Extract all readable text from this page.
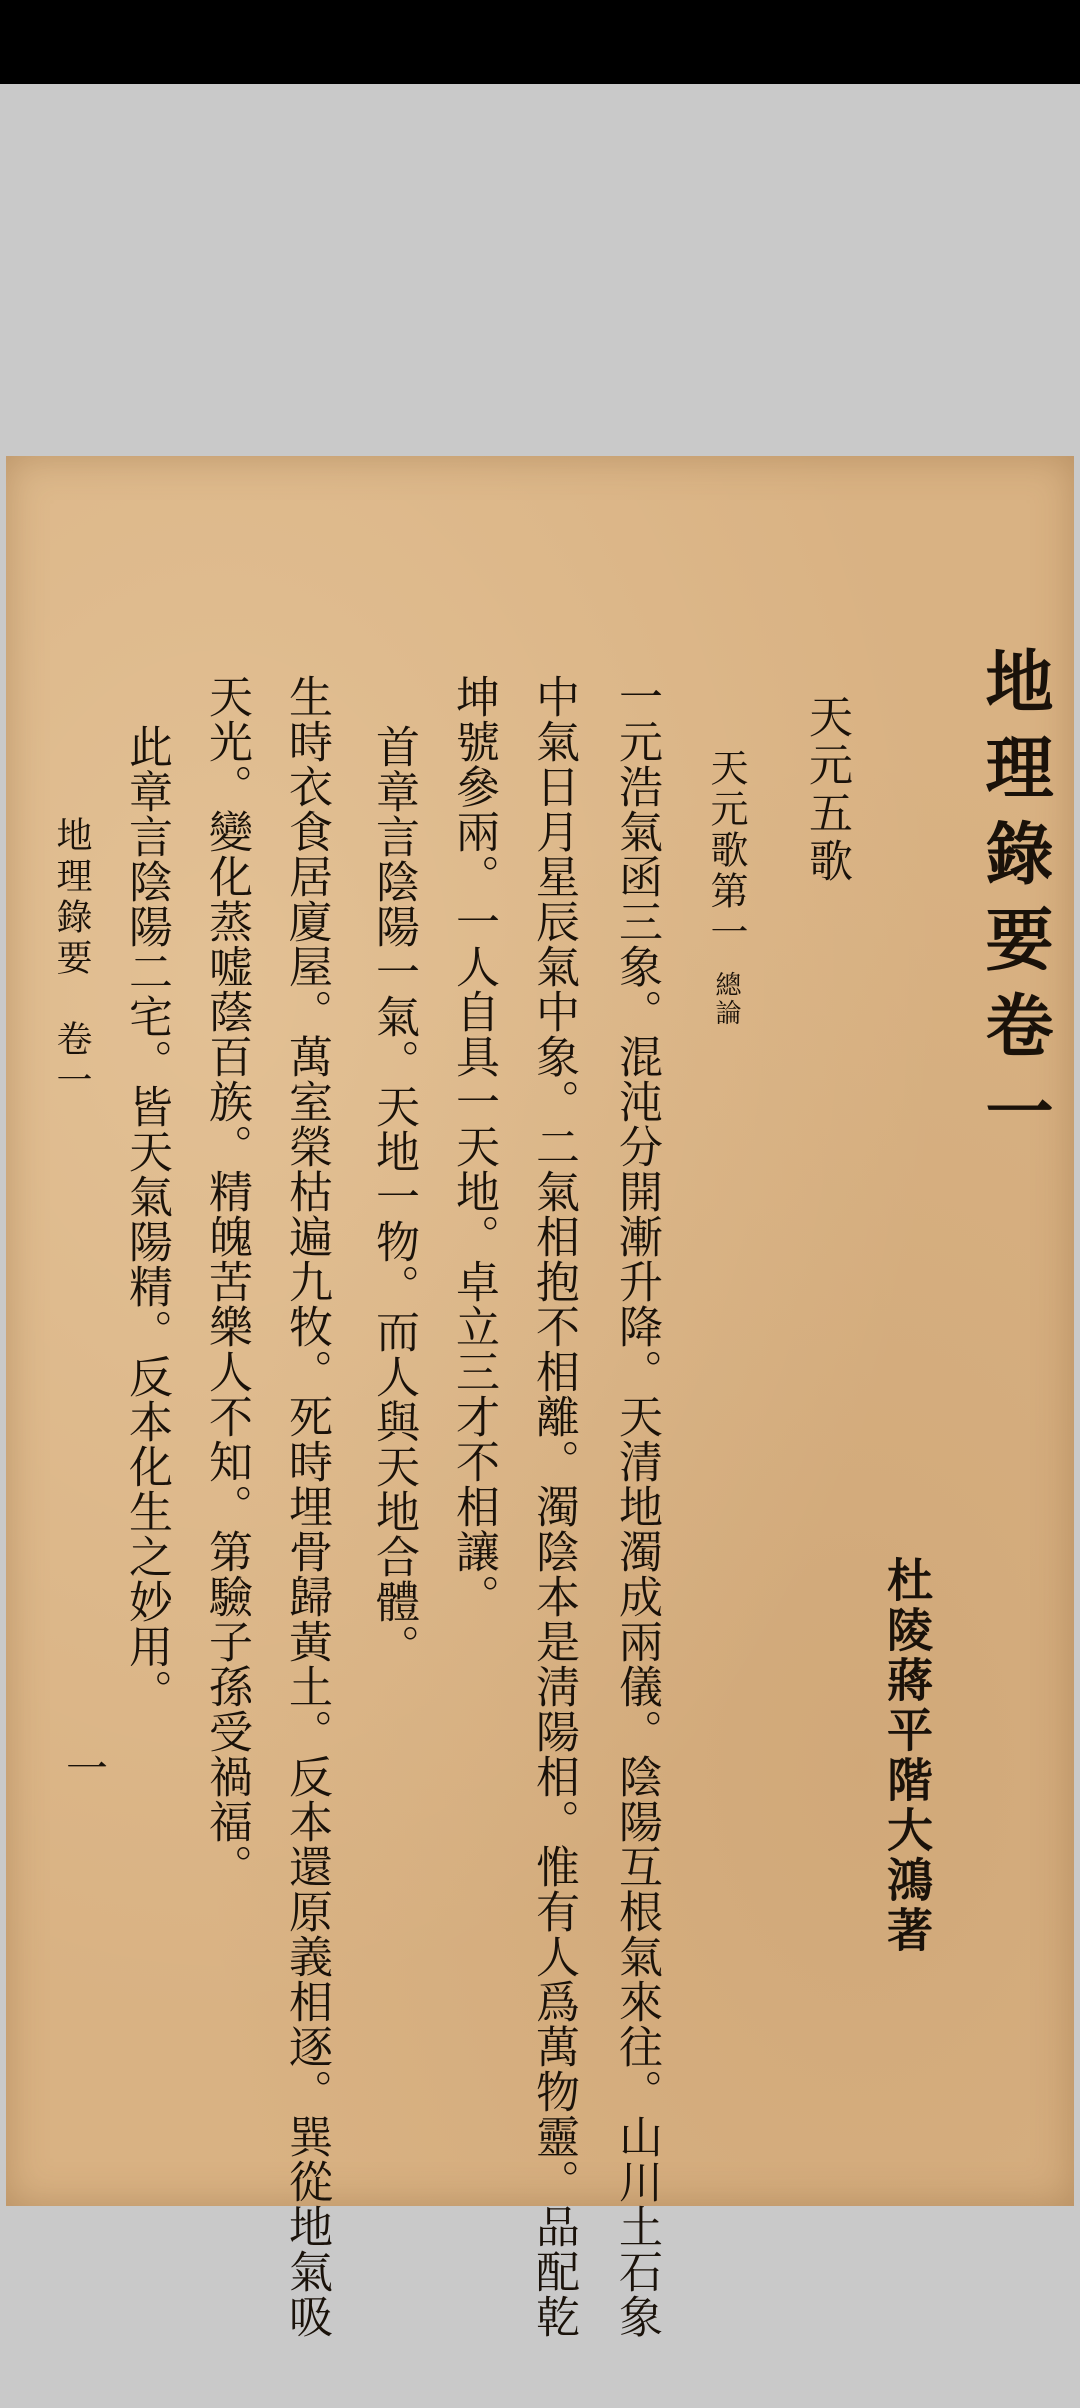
地理錄要卷一
杜陵蔣平階大鴻著
天元五歌
天元歌第一總論
一元浩氣函三象。混沌分開漸升降。天清地濁成兩儀。陰陽互根氣來往。山川土石象
中氣日月星辰氣中象。二氣相抱不相離。濁陰本是淸陽相。惟有人爲萬物靈。品配乾
坤號參兩。一人自具一天地。卓立三才不相讓。
首章言陰陽一氣。天地一物。而人與天地合體。
生時衣食居廈屋。萬室榮枯遍九牧。死時埋骨歸黃土。反本還原義相逐。巽從地氣吸
天光。變化蒸嘘蔭百族。精魄苦樂人不知。第驗子孫受禍福。
此章言陰陽二宅。皆天氣陽精。反本化生之妙用。
地理錄要卷一
一
